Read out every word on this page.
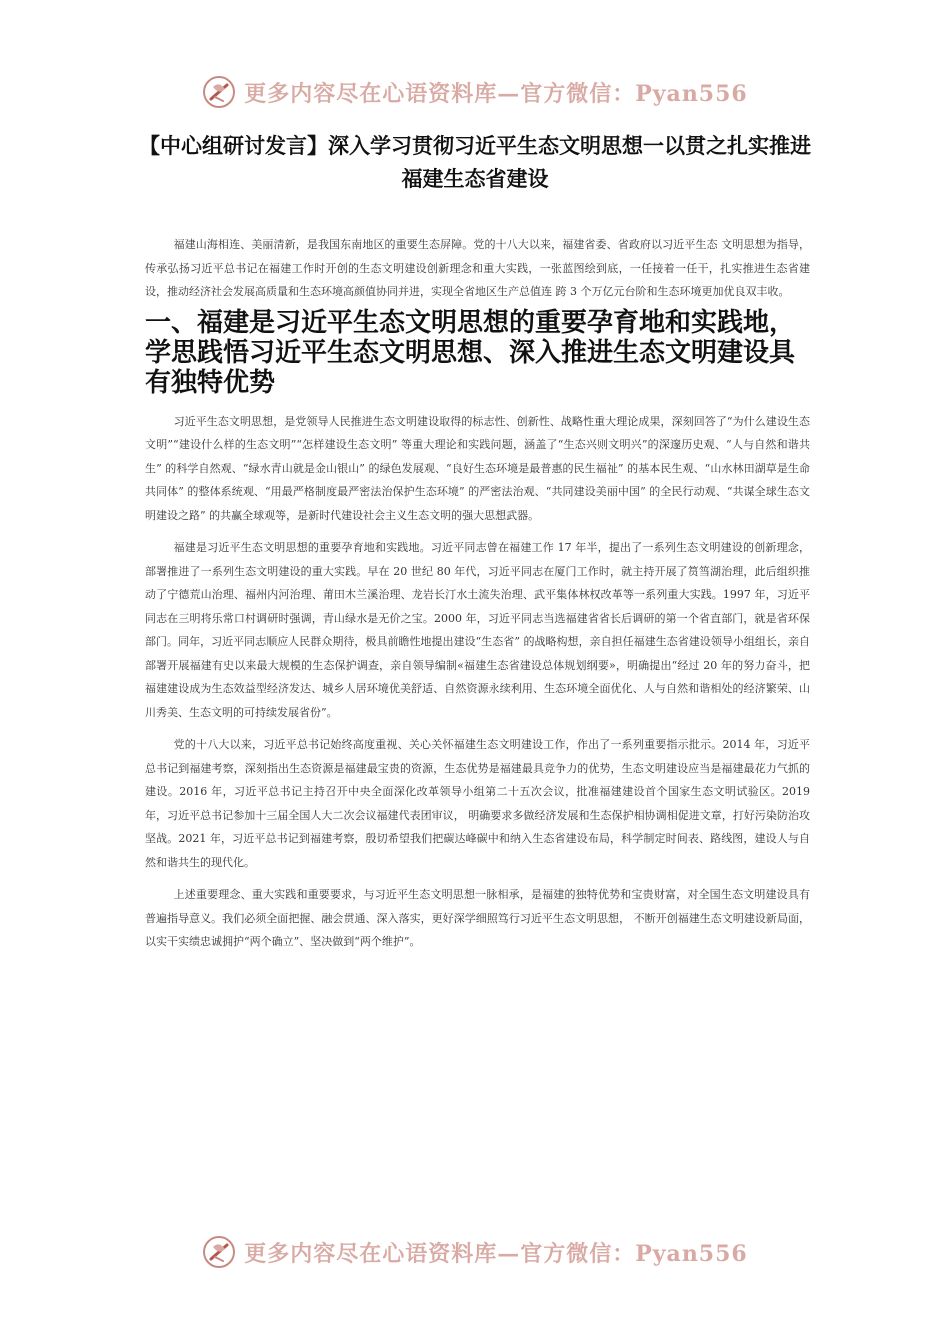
更多内容尽在心语资料库—官方微信：Pyan556
【中心组研讨发言】深入学习贯彻习近平生态文明思想一以贯之扎实推进福建生态省建设

福建山海相连、美丽清新，是我国东南地区的重要生态屏障。党的十八大以来，福建省委、省政府以习近平生态 文明思想为指导，传承弘扬习近平总书记在福建工作时开创的生态文明建设创新理念和重大实践，一张蓝图绘到底，一任接着一任干，扎实推进生态省建设，推动经济社会发展高质量和生态环境高颜值协同并进，实现全省地区生产总值连 跨 3 个万亿元台阶和生态环境更加优良双丰收。

一、福建是习近平生态文明思想的重要孕育地和实践地，学思践悟习近平生态文明思想、深入推进生态文明建设具有独特优势

习近平生态文明思想，是党领导人民推进生态文明建设取得的标志性、创新性、战略性重大理论成果，深刻回答了“为什么建设生态文明”“建设什么样的生态文明”“怎样建设生态文明” 等重大理论和实践问题，涵盖了“生态兴则文明兴”的深邃历史观、“人与自然和谐共生” 的科学自然观、“绿水青山就是金山银山” 的绿色发展观、“良好生态环境是最普惠的民生福祉” 的基本民生观、“山水林田湖草是生命共同体” 的整体系统观、“用最严格制度最严密法治保护生态环境” 的严密法治观、“共同建设美丽中国” 的全民行动观、“共谋全球生态文明建设之路” 的共赢全球观等，是新时代建设社会主义生态文明的强大思想武器。

福建是习近平生态文明思想的重要孕育地和实践地。习近平同志曾在福建工作 17 年半，提出了一系列生态文明建设的创新理念，部署推进了一系列生态文明建设的重大实践。早在 20 世纪 80 年代，习近平同志在厦门工作时，就主持开展了筼筜湖治理，此后组织推动了宁德荒山治理、福州内河治理、莆田木兰溪治理、龙岩长汀水土流失治理、武平集体林权改革等一系列重大实践。1997 年，习近平同志在三明将乐常口村调研时强调，青山绿水是无价之宝。2000 年，习近平同志当选福建省省长后调研的第一个省直部门，就是省环保部门。同年，习近平同志顺应人民群众期待，极具前瞻性地提出建设“生态省” 的战略构想，亲自担任福建生态省建设领导小组组长，亲自部署开展福建有史以来最大规模的生态保护调查，亲自领导编制«福建生态省建设总体规划纲要»，明确提出“经过 20 年的努力奋斗，把福建建设成为生态效益型经济发达、城乡人居环境优美舒适、自然资源永续利用、生态环境全面优化、人与自然和谐相处的经济繁荣、山川秀美、生态文明的可持续发展省份”。

党的十八大以来，习近平总书记始终高度重视、关心关怀福建生态文明建设工作，作出了一系列重要指示批示。2014 年，习近平总书记到福建考察，深刻指出生态资源是福建最宝贵的资源，生态优势是福建最具竞争力的优势，生态文明建设应当是福建最花力气抓的建设。2016 年，习近平总书记主持召开中央全面深化改革领导小组第二十五次会议，批准福建建设首个国家生态文明试验区。2019 年，习近平总书记参加十三届全国人大二次会议福建代表团审议， 明确要求多做经济发展和生态保护相协调相促进文章，打好污染防治攻坚战。2021 年，习近平总书记到福建考察，殷切希望我们把碳达峰碳中和纳入生态省建设布局，科学制定时间表、路线图，建设人与自然和谐共生的现代化。

上述重要理念、重大实践和重要要求，与习近平生态文明思想一脉相承，是福建的独特优势和宝贵财富，对全国生态文明建设具有普遍指导意义。我们必须全面把握、融会贯通、深入落实，更好深学细照笃行习近平生态文明思想， 不断开创福建生态文明建设新局面，以实干实绩忠诚拥护“两个确立”、坚决做到“两个维护”。

更多内容尽在心语资料库—官方微信：Pyan556
